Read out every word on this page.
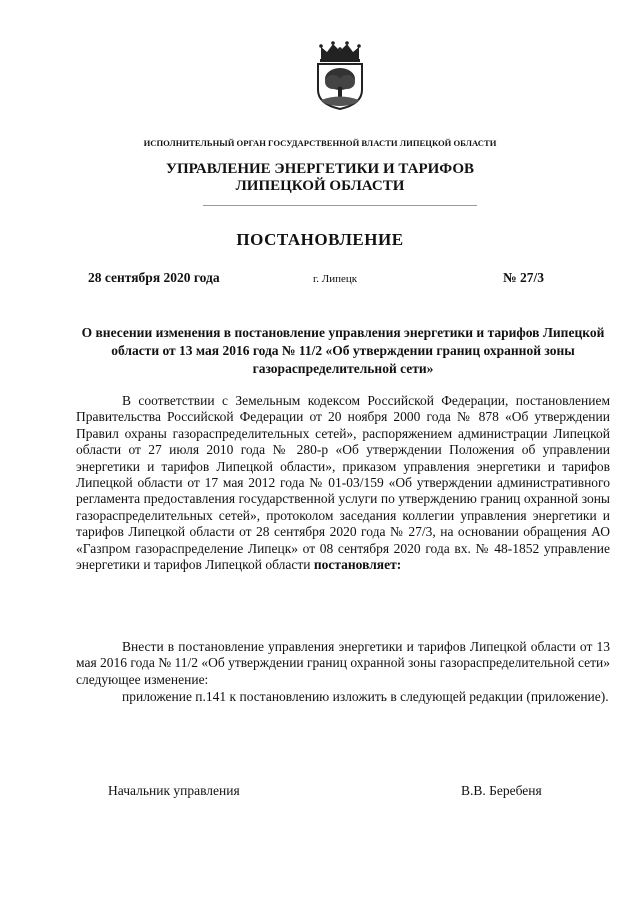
ИСПОЛНИТЕЛЬНЫЙ ОРГАН ГОСУДАРСТВЕННОЙ ВЛАСТИ ЛИПЕЦКОЙ ОБЛАСТИ
УПРАВЛЕНИЕ ЭНЕРГЕТИКИ И ТАРИФОВ
ЛИПЕЦКОЙ ОБЛАСТИ
ПОСТАНОВЛЕНИЕ
28 сентября 2020 года	г. Липецк	№ 27/3
О внесении изменения в постановление управления энергетики и тарифов Липецкой области от 13 мая 2016 года № 11/2 «Об утверждении границ охранной зоны газораспределительной сети»
В соответствии с Земельным кодексом Российской Федерации, постановлением Правительства Российской Федерации от 20 ноября 2000 года № 878 «Об утверждении Правил охраны газораспределительных сетей», распоряжением администрации Липецкой области от 27 июля 2010 года № 280-р «Об утверждении Положения об управлении энергетики и тарифов Липецкой области», приказом управления энергетики и тарифов Липецкой области от 17 мая 2012 года № 01-03/159 «Об утверждении административного регламента предоставления государственной услуги по утверждению границ охранной зоны газораспределительных сетей», протоколом заседания коллегии управления энергетики и тарифов Липецкой области от 28 сентября 2020 года № 27/3, на основании обращения АО «Газпром газораспределение Липецк» от 08 сентября 2020 года вх. № 48-1852 управление энергетики и тарифов Липецкой области постановляет:
Внести в постановление управления энергетики и тарифов Липецкой области от 13 мая 2016 года № 11/2 «Об утверждении границ охранной зоны газораспределительной сети» следующее изменение:
приложение п.141 к постановлению изложить в следующей редакции (приложение).
Начальник управления	В.В. Беребеня
